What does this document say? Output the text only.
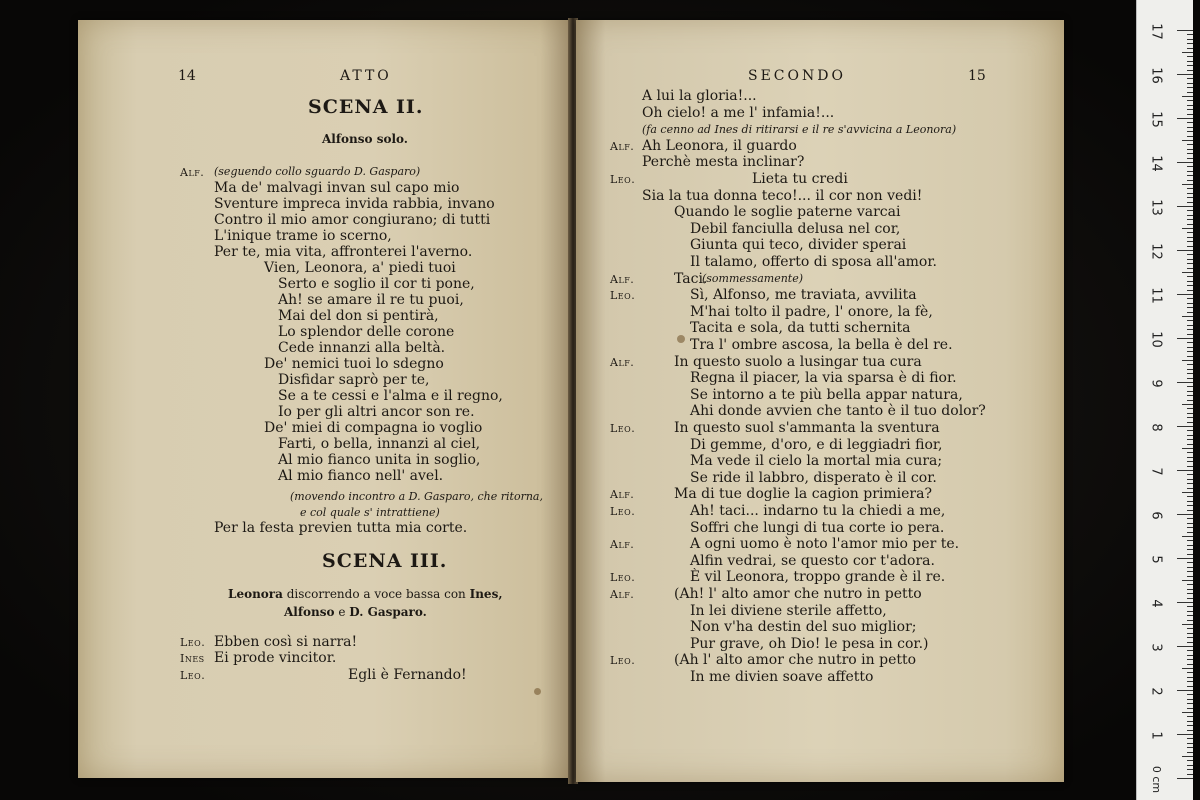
14	ATTO
SCENA II.
Alfonso solo.
Alf. (seguendo collo sguardo D. Gasparo)
Ma de' malvagi invan sul capo mio
Sventure impreca invida rabbia, invano
Contro il mio amor congiurano; di tutti
L'inique trame io scerno,
Per te, mia vita, affronterei l'averno.
Vien, Leonora, a' piedi tuoi
Serto e soglio il cor ti pone,
Ah! se amare il re tu puoi,
Mai del don si pentirà,
Lo splendor delle corone
Cede innanzi alla beltà.
De' nemici tuoi lo sdegno
Disfidar saprò per te,
Se a te cessi e l'alma e il regno,
Io per gli altri ancor son re.
De' miei di compagna io voglio
Farti, o bella, innanzi al ciel,
Al mio fianco unita in soglio,
Al mio fianco nell' avel.
(movendo incontro a D. Gasparo, che ritorna,
e col quale s' intrattiene)
Per la festa previen tutta mia corte.
SCENA III.
Leonora discorrendo a voce bassa con Ines,
Alfonso e D. Gasparo.
Leo. Ebben così si narra!
Ines Ei prode vincitor.
Leo.	Egli è Fernando!
SECONDO	15
A lui la gloria!...
Oh cielo! a me l' infamia!...
(fa cenno ad Ines di ritirarsi e il re s'avvicina a Leonora)
Alf. Ah Leonora, il guardo
Perchè mesta inclinar?
Leo.	Lieta tu credi
Sia la tua donna teco!... il cor non vedi!
Quando le soglie paterne varcai
Debil fanciulla delusa nel cor,
Giunta qui teco, divider sperai
Il talamo, offerto di sposa all'amor.
Alf.	Taci.
(sommessamente)
Leo.	Sì, Alfonso, me traviata, avvilita
M'hai tolto il padre, l' onore, la fè,
Tacita e sola, da tutti schernita
Tra l' ombre ascosa, la bella è del re.
Alf.	In questo suolo a lusingar tua cura
Regna il piacer, la via sparsa è di fior.
Se intorno a te più bella appar natura,
Ahi donde avvien che tanto è il tuo dolor?
Leo.	In questo suol s'ammanta la sventura
Di gemme, d'oro, e di leggiadri fior,
Ma vede il cielo la mortal mia cura;
Se ride il labbro, disperato è il cor.
Alf.	Ma di tue doglie la cagion primiera?
Leo.	Ah! taci... indarno tu la chiedi a me,
Soffri che lungi di tua corte io pera.
Alf.	A ogni uomo è noto l'amor mio per te.
Alfin vedrai, se questo cor t'adora.
Leo.	È vil Leonora, troppo grande è il re.
Alf.	(Ah! l' alto amor che nutro in petto
In lei diviene sterile affetto,
Non v'ha destin del suo miglior;
Pur grave, oh Dio! le pesa in cor.)
Leo.	(Ah l' alto amor che nutro in petto
In me divien soave affetto
17
16
15
14
13
12
11
10
9
8
7
6
5
4
3
2
1
0 cm
